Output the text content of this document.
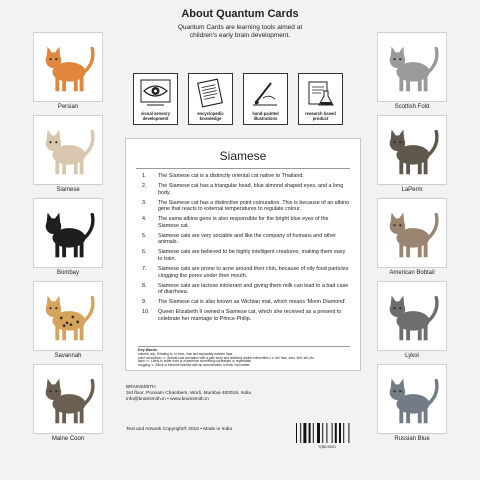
About Quantum Cards
Quantum Cards are learning tools aimed at
children's early brain development.
visual sensory
development
encyclopedic
knowledge
hand-painted
illustrations
research based
product
Persian
Siamese
Bombay
Savannah
Maine Coon
Scottish Fold
LaPerm
American Bobtail
Lykoi
Russian Blue
Siamese
1. The Siamese cat is a distinctly oriental cat native to Thailand.
2. The Siamese cat has a triangular head, blue almond shaped eyes, and a long body.
3. The Siamese cat has a distinctive point colouration. This is because of an albino gene that reacts to external temperatures to regulate colour.
4. The same albino gene is also responsible for the bright blue eyes of the Siamese cat.
5. Siamese cats are very sociable and like the company of humans and other animals.
6. Siamese cats are believed to be highly intelligent creatures, making them easy to train.
7. Siamese cats are prone to acne around their chin, because of oily food particles clogging the pores under their mouth.
8. Siamese cats are lactose intolerant and giving them milk can lead to a bad case of diarrhoea.
9. The Siamese cat is also known as Wichian mat, which means 'Moon Diamond'.
10. Queen Elizabeth II owned a Siamese cat, which she received as a present to celebrate her marriage to Prince Philip.
Key Words
oriental, adj.: Relating to, or from, how and separately eastern Asia.
point colouration, n.: Animal coat coloration with a pale body and relatively darker extremities, i.e. the face, ears, feet, tail, etc.
acne, n.: Likely to suffer from or experience something unpleasant or regrettable.
clogging, v.: Block or become blocked with an accumulation of thick, wet matter.
BRAINSMITH
3rd floor, Poonam Chambers, Worli, Mumbai 400018, India
info@brainsmith.in • www.brainsmith.in
Text and Artwork Copyright® 2016 • Made in India
TQBC0001
